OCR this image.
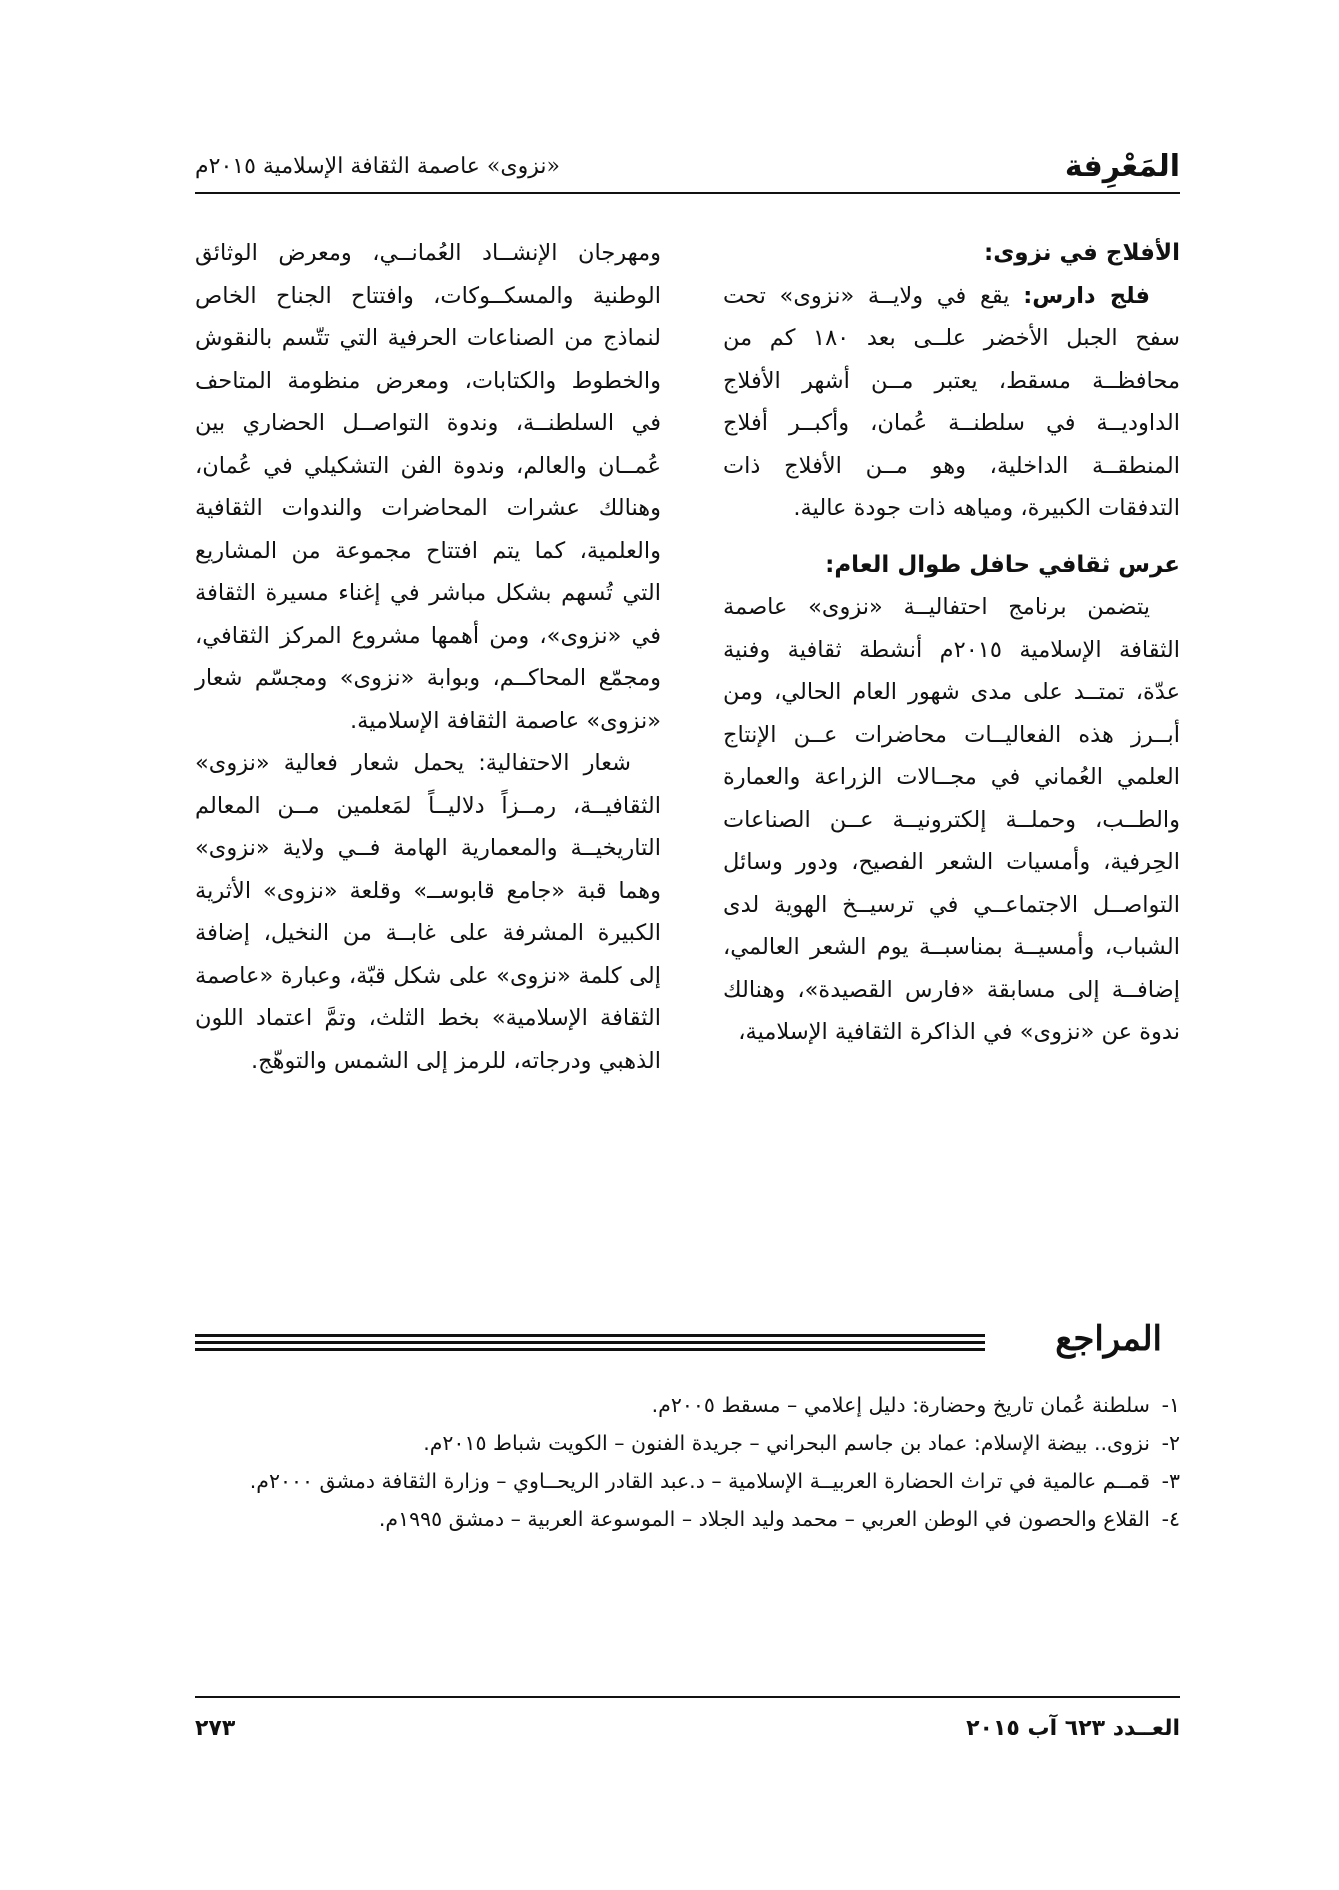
المَعْرِفة
«نزوى» عاصمة الثقافة الإسلامية ٢٠١٥م
الأفلاج في نزوى:

فلج دارس: يقع في ولايــة «نزوى» تحت سفح الجبل الأخضر علــى بعد ١٨٠ كم من محافظــة مسقط، يعتبر مــن أشهر الأفلاج الداوديــة في سلطنــة عُمان، وأكبــر أفلاج المنطقــة الداخلية، وهو مــن الأفلاج ذات التدفقات الكبيرة، ومياهه ذات جودة عالية.

عرس ثقافي حافل طوال العام:

يتضمن برنامج احتفاليــة «نزوى» عاصمة الثقافة الإسلامية ٢٠١٥م أنشطة ثقافية وفنية عدّة، تمتــد على مدى شهور العام الحالي، ومن أبــرز هذه الفعاليــات محاضرات عــن الإنتاج العلمي العُماني في مجــالات الزراعة والعمارة والطــب، وحملــة إلكترونيــة عــن الصناعات الحِرفية، وأمسيات الشعر الفصيح، ودور وسائل التواصــل الاجتماعــي في ترسيــخ الهوية لدى الشباب، وأمسيــة بمناسبــة يوم الشعر العالمي، إضافــة إلى مسابقة «فارس القصيدة»، وهنالك ندوة عن «نزوى» في الذاكرة الثقافية الإسلامية،

ومهرجان الإنشــاد العُمانــي، ومعرض الوثائق الوطنية والمسكــوكات، وافتتاح الجناح الخاص لنماذج من الصناعات الحرفية التي تتّسم بالنقوش والخطوط والكتابات، ومعرض منظومة المتاحف في السلطنــة، وندوة التواصــل الحضاري بين عُمــان والعالم، وندوة الفن التشكيلي في عُمان، وهنالك عشرات المحاضرات والندوات الثقافية والعلمية، كما يتم افتتاح مجموعة من المشاريع التي تُسهم بشكل مباشر في إغناء مسيرة الثقافة في «نزوى»، ومن أهمها مشروع المركز الثقافي، ومجمّع المحاكــم، وبوابة «نزوى» ومجسّم شعار «نزوى» عاصمة الثقافة الإسلامية.

شعار الاحتفالية: يحمل شعار فعالية «نزوى» الثقافيــة، رمــزاً دلاليــاً لمَعلمين مــن المعالم التاريخيــة والمعمارية الهامة فــي ولاية «نزوى» وهما قبة «جامع قابوســ» وقلعة «نزوى» الأثرية الكبيرة المشرفة على غابــة من النخيل، إضافة إلى كلمة «نزوى» على شكل قبّة، وعبارة «عاصمة الثقافة الإسلامية» بخط الثلث، وتمَّ اعتماد اللون الذهبي ودرجاته، للرمز إلى الشمس والتوهّج.

المراجع
١-
سلطنة عُمان تاريخ وحضارة: دليل إعلامي – مسقط ٢٠٠٥م.
٢-
نزوى.. بيضة الإسلام: عماد بن جاسم البحراني – جريدة الفنون – الكويت شباط ٢٠١٥م.
٣-
قمــم عالمية في تراث الحضارة العربيــة الإسلامية – د.عبد القادر الريحــاوي – وزارة الثقافة دمشق ٢٠٠٠م.
٤-
القلاع والحصون في الوطن العربي – محمد وليد الجلاد – الموسوعة العربية – دمشق ١٩٩٥م.
العــدد ٦٢٣ آب ٢٠١٥
٢٧٣
